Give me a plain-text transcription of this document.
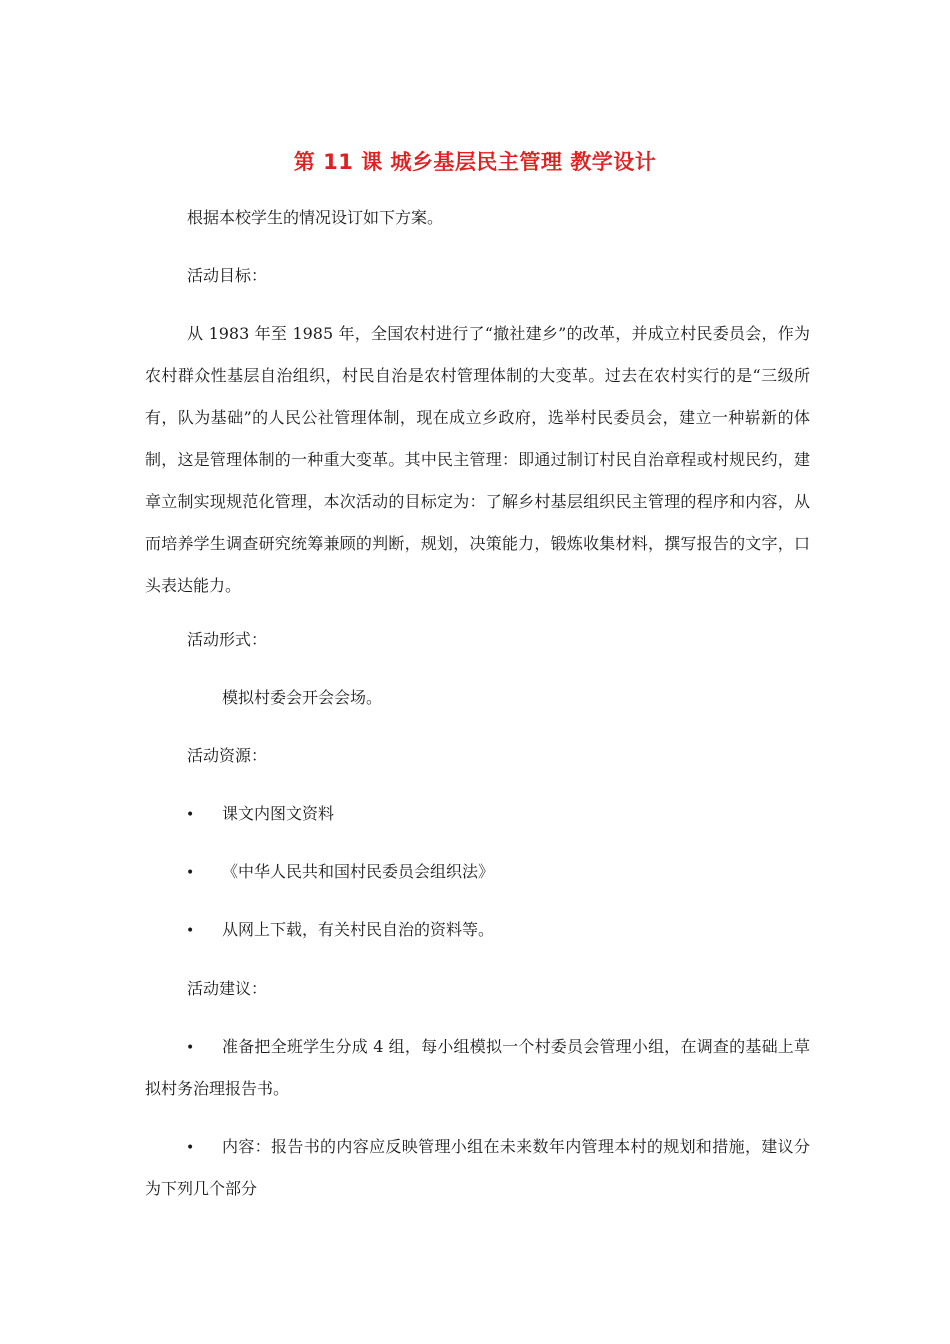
第 11 课 城乡基层民主管理 教学设计
根据本校学生的情况设订如下方案。
活动目标：
从 1983 年至 1985 年，全国农村进行了“撤社建乡”的改革，并成立村民委员会，作为农村群众性基层自治组织，村民自治是农村管理体制的大变革。过去在农村实行的是“三级所有，队为基础”的人民公社管理体制，现在成立乡政府，选举村民委员会，建立一种崭新的体制，这是管理体制的一种重大变革。其中民主管理：即通过制订村民自治章程或村规民约，建章立制实现规范化管理，本次活动的目标定为：了解乡村基层组织民主管理的程序和内容，从而培养学生调查研究统筹兼顾的判断，规划，决策能力，锻炼收集材料，撰写报告的文字，口头表达能力。
活动形式：
模拟村委会开会会场。
活动资源：
• 课文内图文资料
• 《中华人民共和国村民委员会组织法》
• 从网上下载，有关村民自治的资料等。
活动建议：
•	准备把全班学生分成 4 组，每小组模拟一个村委员会管理小组，在调查的基础上草拟村务治理报告书。
•	内容：报告书的内容应反映管理小组在未来数年内管理本村的规划和措施，建议分为下列几个部分
